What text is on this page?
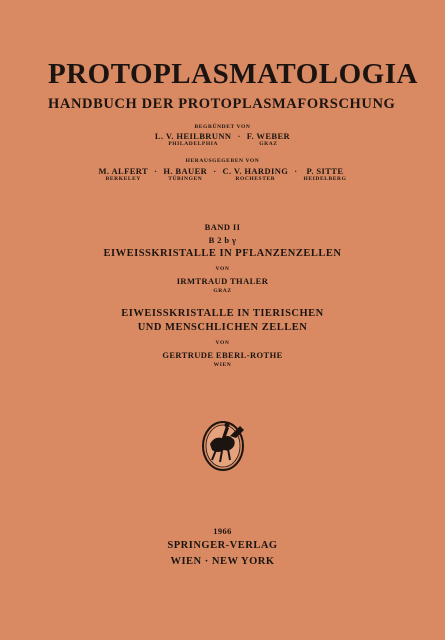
PROTOPLASMATOLOGIA
HANDBUCH DER PROTOPLASMAFORSCHUNG
BEGRÜNDET VON
L. V. HEILBRUNN
PHILADELPHIA
· F. WEBER
GRAZ
HERAUSGEGEBEN VON
M. ALFERT
BERKELEY
· H. BAUER
TÜBINGEN
· C. V. HARDING
ROCHESTER
· P. SITTE
HEIDELBERG
BAND II
B 2 b γ
EIWEISSKRISTALLE IN PFLANZENZELLEN
VON
IRMTRAUD THALER
GRAZ
EIWEISSKRISTALLE IN TIERISCHEN
UND MENSCHLICHEN ZELLEN
VON
GERTRUDE EBERL-ROTHE
WIEN
1966
SPRINGER-VERLAG
WIEN · NEW YORK
